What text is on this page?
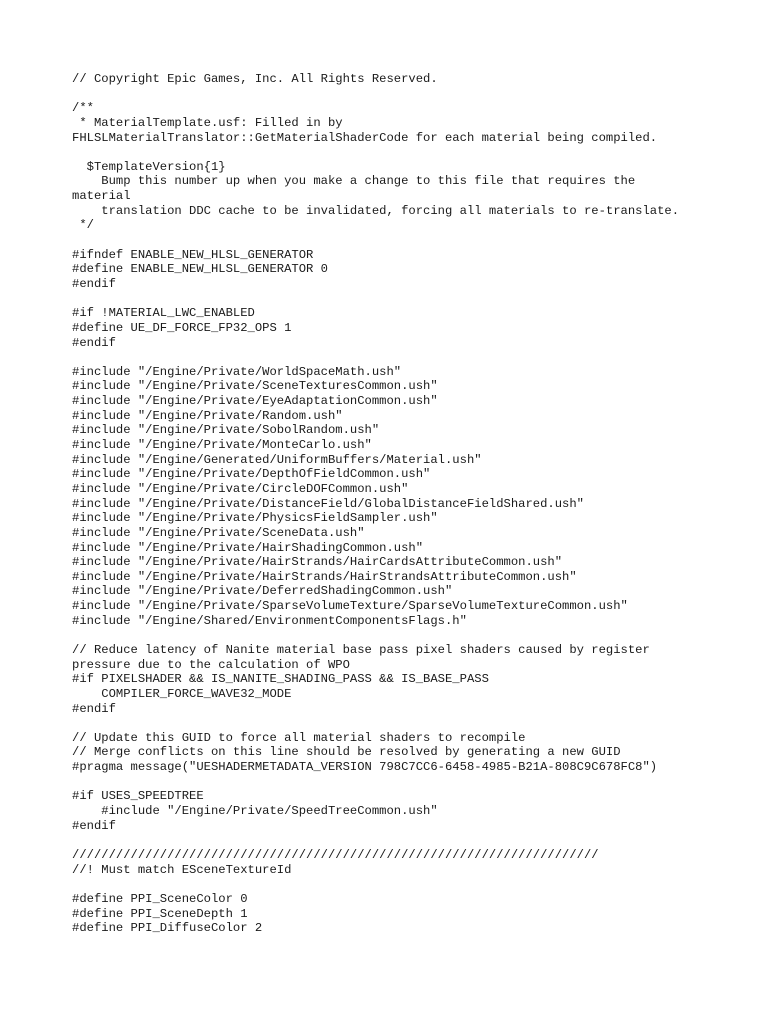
// Copyright Epic Games, Inc. All Rights Reserved.
/**
* MaterialTemplate.usf: Filled in by
FHLSLMaterialTranslator::GetMaterialShaderCode for each material being compiled.
$TemplateVersion{1}
Bump this number up when you make a change to this file that requires the
material
translation DDC cache to be invalidated, forcing all materials to re-translate.
*/
#ifndef ENABLE_NEW_HLSL_GENERATOR
#define ENABLE_NEW_HLSL_GENERATOR 0
#endif
#if !MATERIAL_LWC_ENABLED
#define UE_DF_FORCE_FP32_OPS 1
#endif
#include "/Engine/Private/WorldSpaceMath.ush"
#include "/Engine/Private/SceneTexturesCommon.ush"
#include "/Engine/Private/EyeAdaptationCommon.ush"
#include "/Engine/Private/Random.ush"
#include "/Engine/Private/SobolRandom.ush"
#include "/Engine/Private/MonteCarlo.ush"
#include "/Engine/Generated/UniformBuffers/Material.ush"
#include "/Engine/Private/DepthOfFieldCommon.ush"
#include "/Engine/Private/CircleDOFCommon.ush"
#include "/Engine/Private/DistanceField/GlobalDistanceFieldShared.ush"
#include "/Engine/Private/PhysicsFieldSampler.ush"
#include "/Engine/Private/SceneData.ush"
#include "/Engine/Private/HairShadingCommon.ush"
#include "/Engine/Private/HairStrands/HairCardsAttributeCommon.ush"
#include "/Engine/Private/HairStrands/HairStrandsAttributeCommon.ush"
#include "/Engine/Private/DeferredShadingCommon.ush"
#include "/Engine/Private/SparseVolumeTexture/SparseVolumeTextureCommon.ush"
#include "/Engine/Shared/EnvironmentComponentsFlags.h"
// Reduce latency of Nanite material base pass pixel shaders caused by register
pressure due to the calculation of WPO
#if PIXELSHADER && IS_NANITE_SHADING_PASS && IS_BASE_PASS
COMPILER_FORCE_WAVE32_MODE
#endif
// Update this GUID to force all material shaders to recompile
// Merge conflicts on this line should be resolved by generating a new GUID
#pragma message("UESHADERMETADATA_VERSION 798C7CC6-6458-4985-B21A-808C9C678FC8")
#if USES_SPEEDTREE
#include "/Engine/Private/SpeedTreeCommon.ush"
#endif
////////////////////////////////////////////////////////////////////////
//! Must match ESceneTextureId
#define PPI_SceneColor 0
#define PPI_SceneDepth 1
#define PPI_DiffuseColor 2
